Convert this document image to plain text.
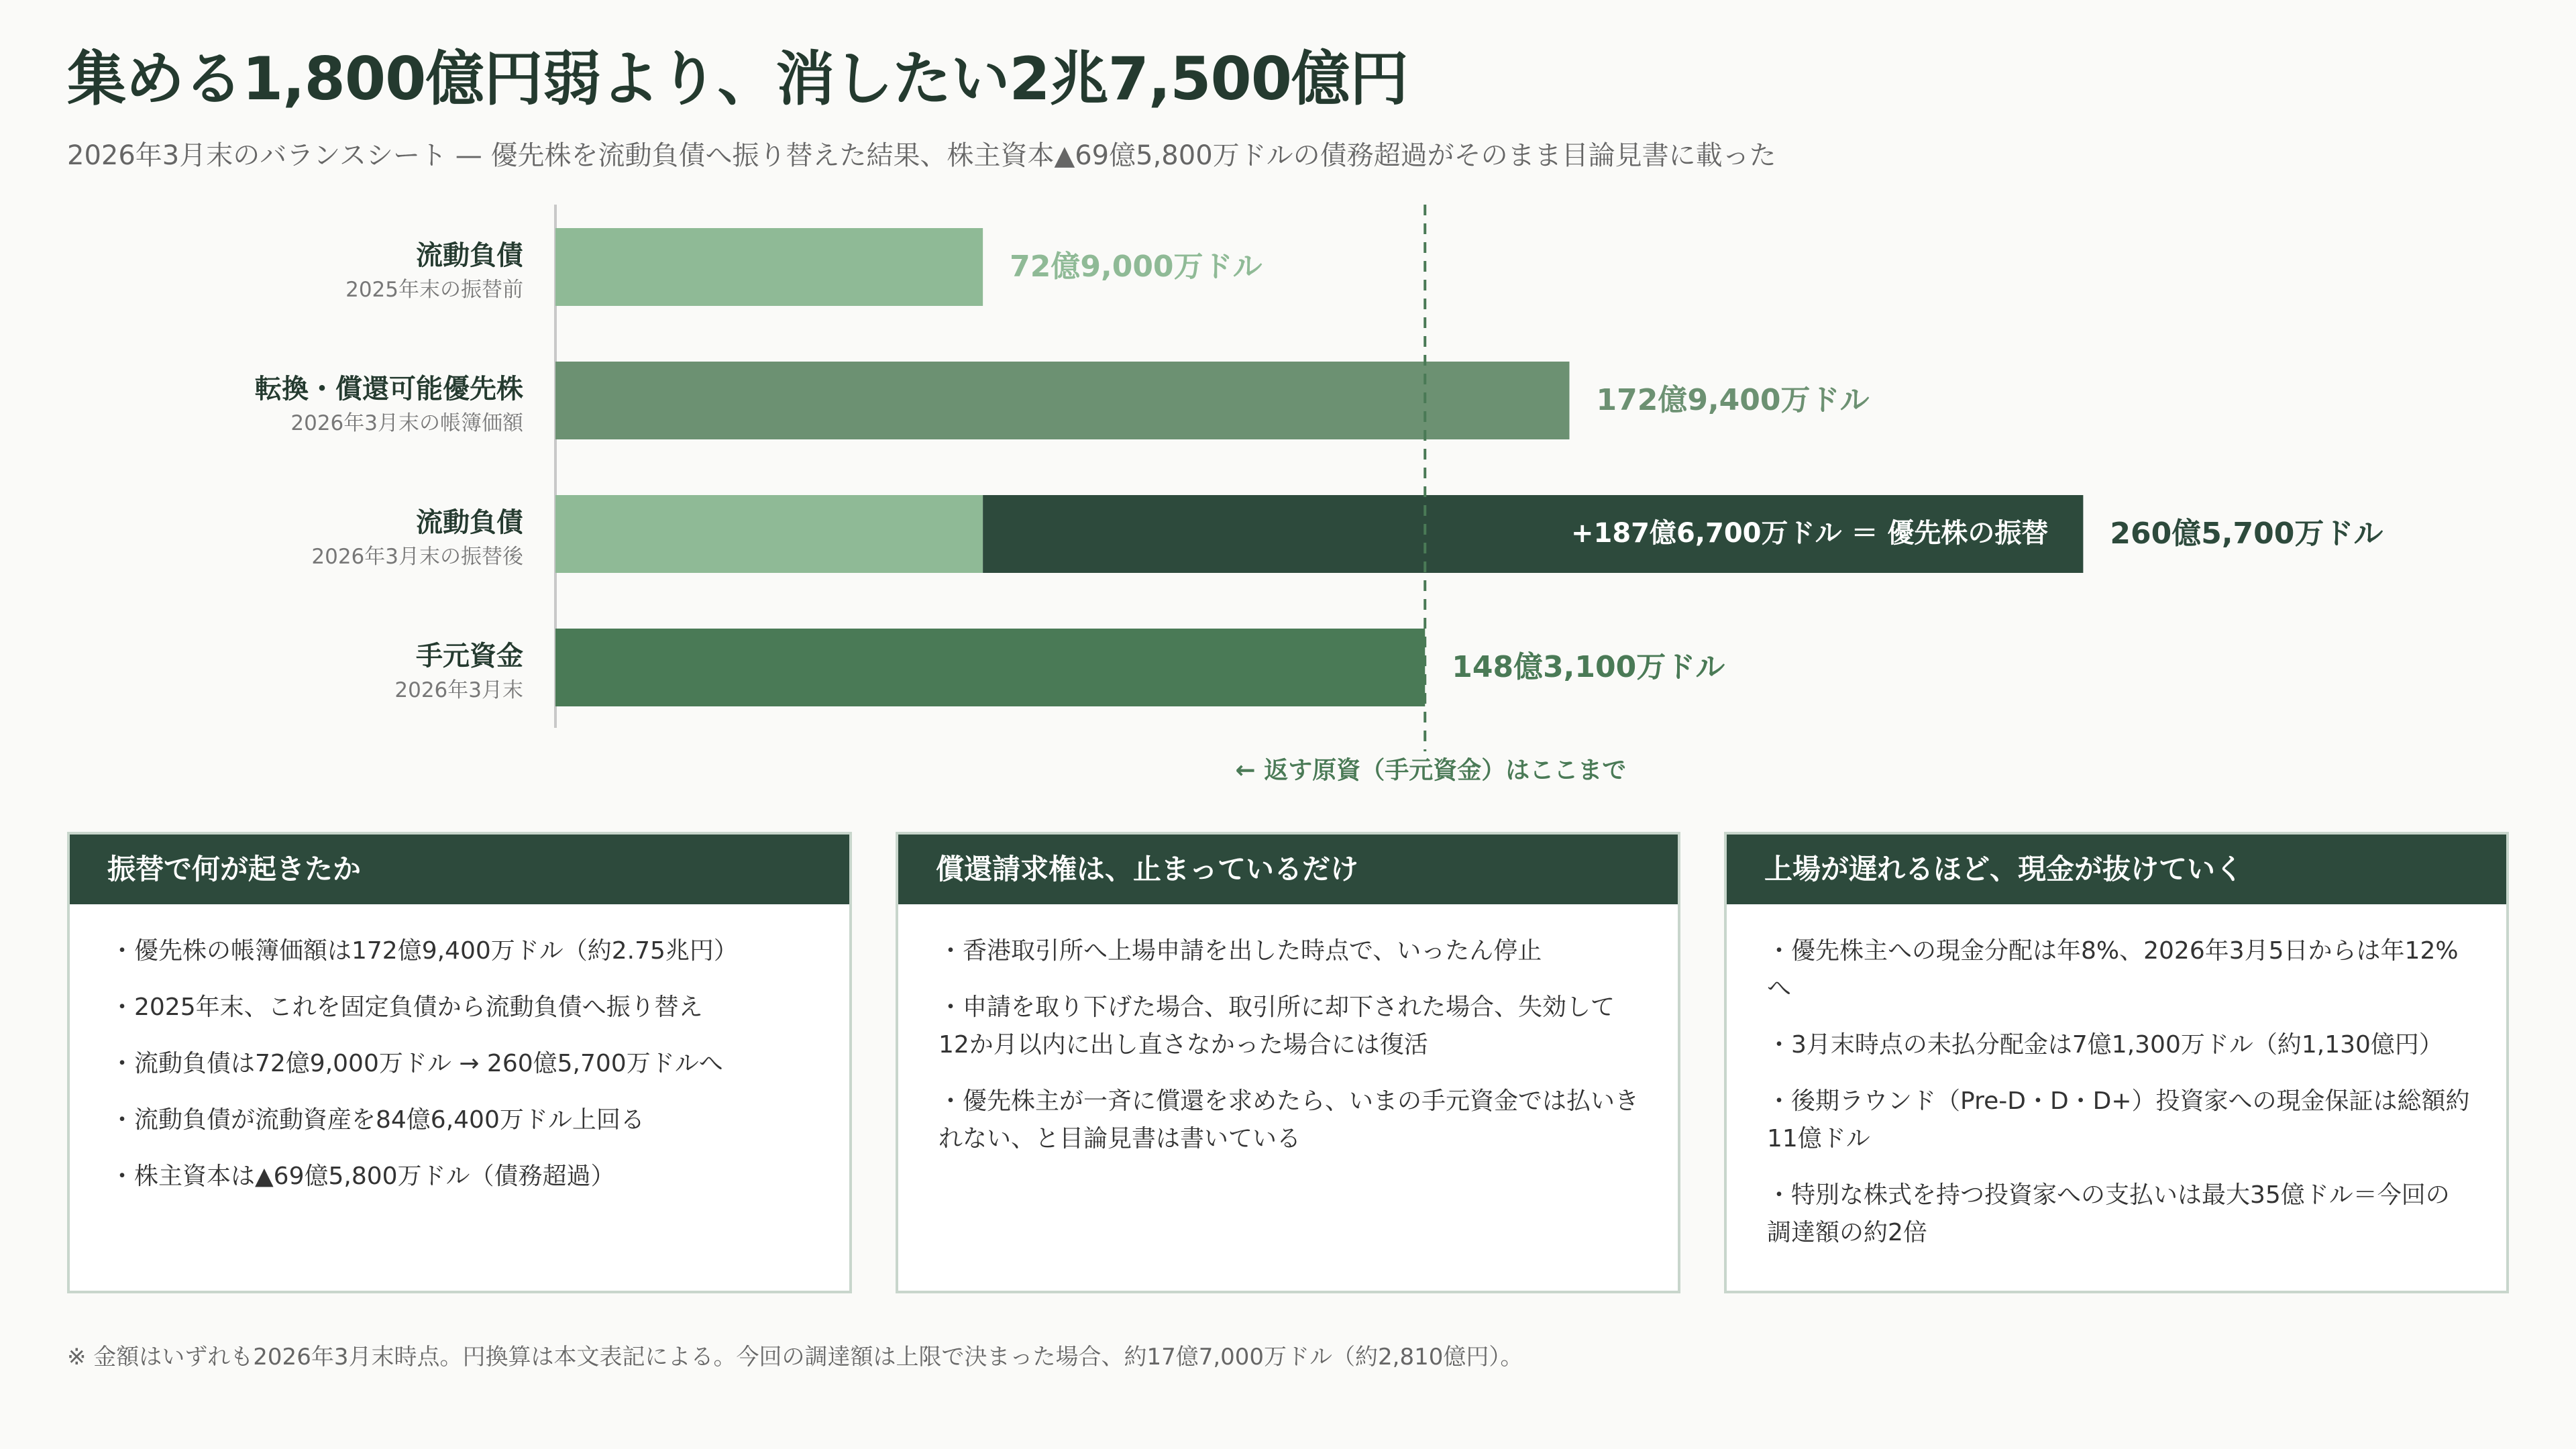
集める1,800億円弱より、消したい2兆7,500億円

2026年3月末のバランスシート — 優先株を流動負債へ振り替えた結果、株主資本▲69億5,800万ドルの債務超過がそのまま目論見書に載った

流動負債
2025年末の振替前
72億9,000万ドル
転換・償還可能優先株
2026年3月末の帳簿価額
172億9,400万ドル
流動負債
2026年3月末の振替後
+187億6,700万ドル ＝ 優先株の振替 260億5,700万ドル
手元資金
2026年3月末
148億3,100万ドル
← 返す原資（手元資金）はここまで
振替で何が起きたか

・優先株の帳簿価額は172億9,400万ドル（約2.75兆円）

・2025年末、これを固定負債から流動負債へ振り替え

・流動負債は72億9,000万ドル → 260億5,700万ドルへ

・流動負債が流動資産を84億6,400万ドル上回る

・株主資本は▲69億5,800万ドル（債務超過）

償還請求権は、止まっているだけ

・香港取引所へ上場申請を出した時点で、いったん停止

・申請を取り下げた場合、取引所に却下された場合、失効して12か月以内に出し直さなかった場合には復活

・優先株主が一斉に償還を求めたら、いまの手元資金では払いきれない、と目論見書は書いている

上場が遅れるほど、現金が抜けていく

・優先株主への現金分配は年8%、2026年3月5日からは年12%へ

・3月末時点の未払分配金は7億1,300万ドル（約1,130億円）

・後期ラウンド（Pre-D・D・D+）投資家への現金保証は総額約11億ドル

・特別な株式を持つ投資家への支払いは最大35億ドル＝今回の調達額の約2倍

※ 金額はいずれも2026年3月末時点。円換算は本文表記による。今回の調達額は上限で決まった場合、約17億7,000万ドル（約2,810億円）。
